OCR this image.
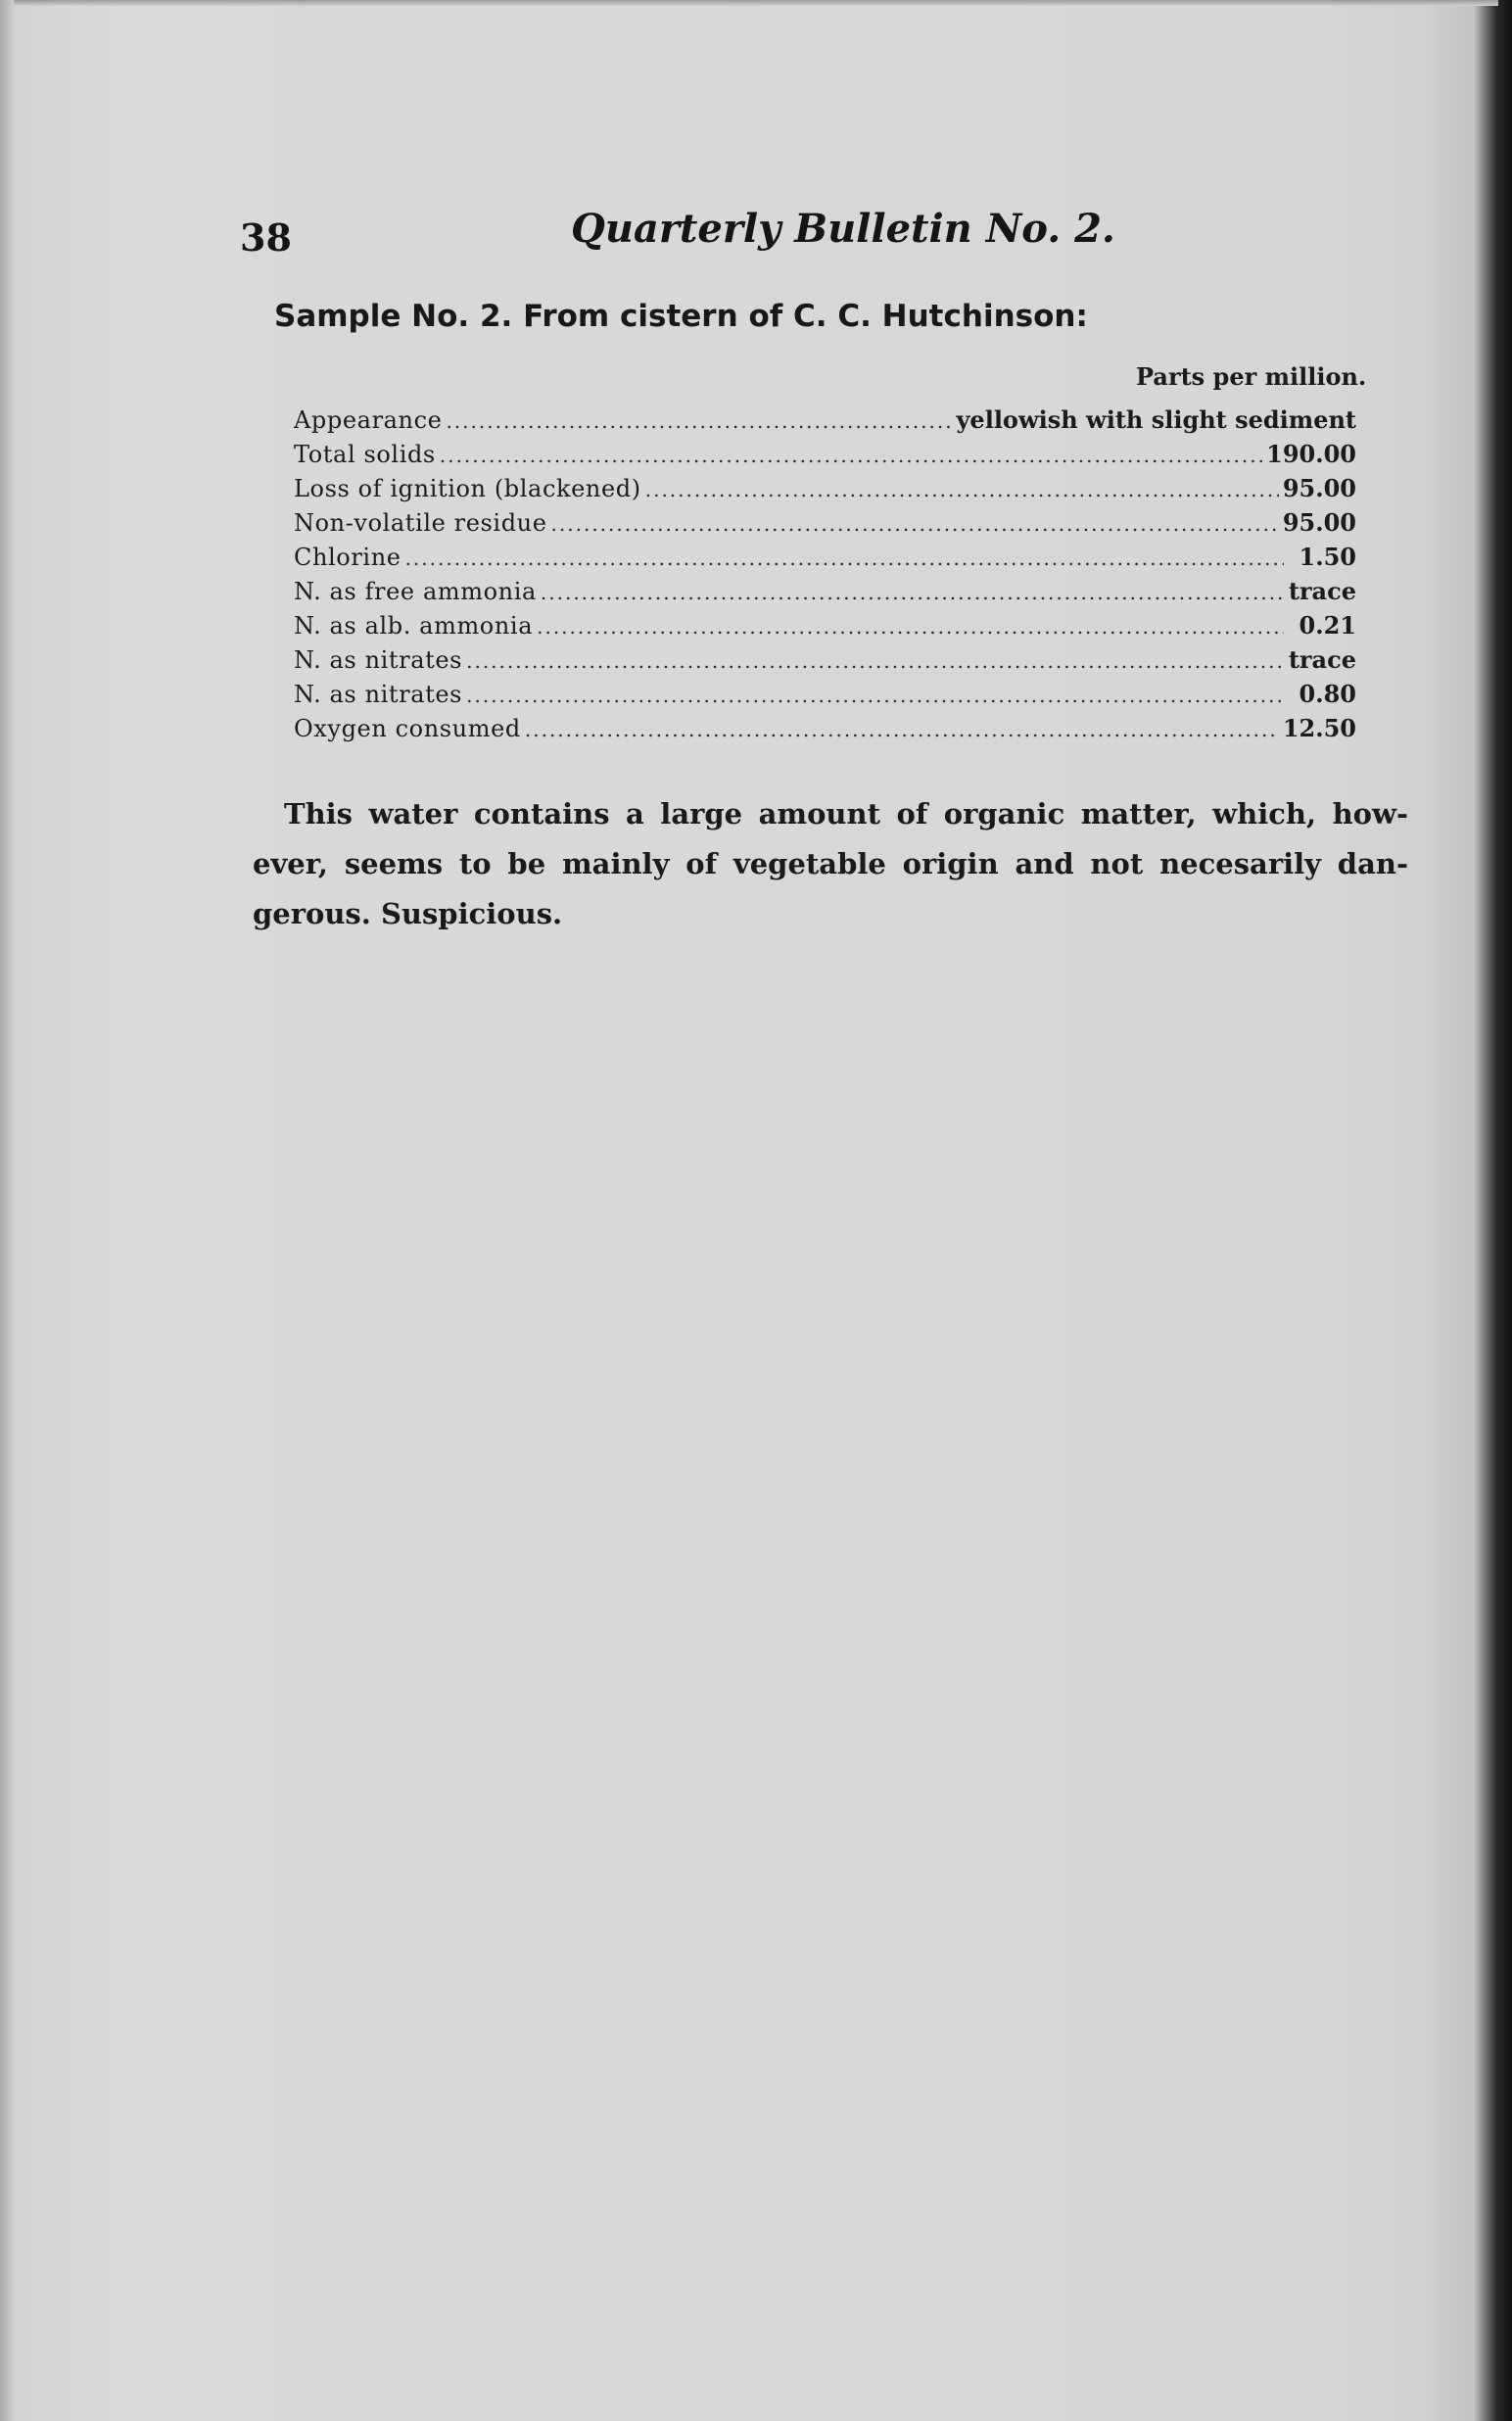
38	Quarterly Bulletin No. 2.
Sample No. 2. From cistern of C. C. Hutchinson:
Parts per million.
Appearance .....	yellowish with slight sediment
Total solids .....	190.00
Loss of ignition (blackened) .....	95.00
Non-volatile residue .....	95.00
Chlorine .....	1.50
N. as free ammonia .....	trace
N. as alb. ammonia .....	0.21
N. as nitrates .....	trace
N. as nitrates .....	0.80
Oxygen consumed .....	12.50
This water contains a large amount of organic matter, which, how-
ever, seems to be mainly of vegetable origin and not necesarily dan-
gerous. Suspicious.
